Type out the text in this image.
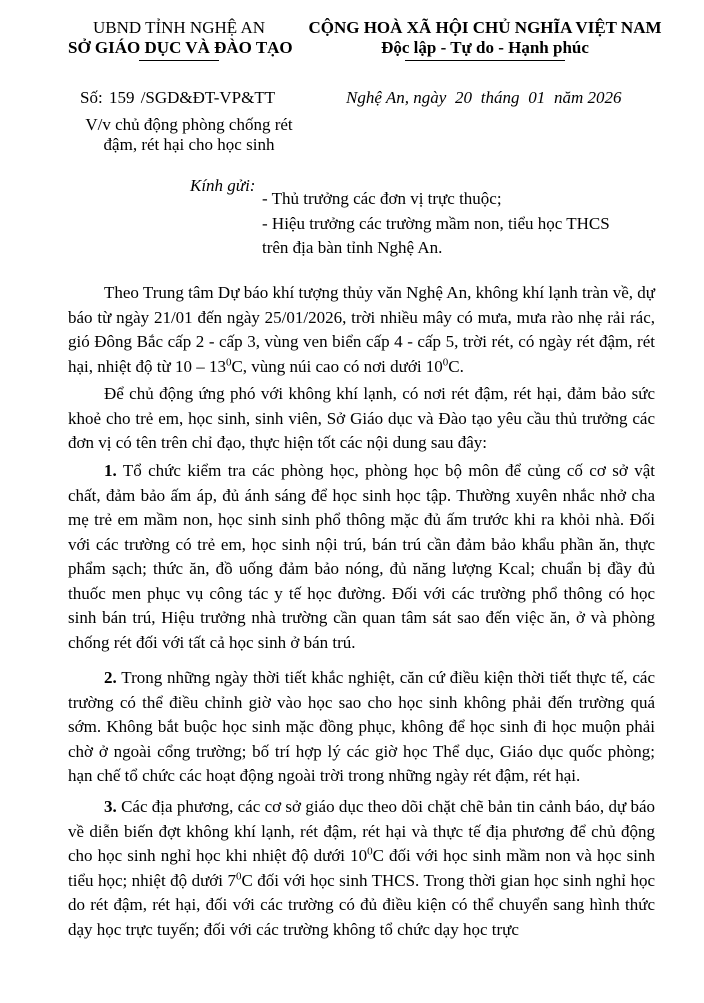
UBND TỈNH NGHỆ AN
SỞ GIÁO DỤC VÀ ĐÀO TẠO
CỘNG HOÀ XÃ HỘI CHỦ NGHĨA VIỆT NAM
Độc lập - Tự do - Hạnh phúc
Số: 159 /SGD&ĐT-VP&TT	Nghệ An, ngày 20 tháng 01 năm 2026
V/v chủ động phòng chống rét
đậm, rét hại cho học sinh
Kính gửi:
- Thủ trưởng các đơn vị trực thuộc;
- Hiệu trưởng các trường mầm non, tiểu học THCS
trên địa bàn tỉnh Nghệ An.
Theo Trung tâm Dự báo khí tượng thủy văn Nghệ An, không khí lạnh tràn về, dự báo từ ngày 21/01 đến ngày 25/01/2026, trời nhiều mây có mưa, mưa rào nhẹ rải rác, gió Đông Bắc cấp 2 - cấp 3, vùng ven biển cấp 4 - cấp 5, trời rét, có ngày rét đậm, rét hại, nhiệt độ từ $10 - 13^0C$, vùng núi cao có nơi dưới $10^0C$.
Để chủ động ứng phó với không khí lạnh, có nơi rét đậm, rét hại, đảm bảo sức khoẻ cho trẻ em, học sinh, sinh viên, Sở Giáo dục và Đào tạo yêu cầu thủ trưởng các đơn vị có tên trên chỉ đạo, thực hiện tốt các nội dung sau đây:
1. Tổ chức kiểm tra các phòng học, phòng học bộ môn để củng cố cơ sở vật chất, đảm bảo ấm áp, đủ ánh sáng để học sinh học tập. Thường xuyên nhắc nhở cha mẹ trẻ em mầm non, học sinh sinh phổ thông mặc đủ ấm trước khi ra khỏi nhà. Đối với các trường có trẻ em, học sinh nội trú, bán trú cần đảm bảo khẩu phần ăn, thực phẩm sạch; thức ăn, đồ uống đảm bảo nóng, đủ năng lượng Kcal; chuẩn bị đầy đủ thuốc men phục vụ công tác y tế học đường. Đối với các trường phổ thông có học sinh bán trú, Hiệu trưởng nhà trường cần quan tâm sát sao đến việc ăn, ở và phòng chống rét đối với tất cả học sinh ở bán trú.
2. Trong những ngày thời tiết khắc nghiệt, căn cứ điều kiện thời tiết thực tế, các trường có thể điều chỉnh giờ vào học sao cho học sinh không phải đến trường quá sớm. Không bắt buộc học sinh mặc đồng phục, không để học sinh đi học muộn phải chờ ở ngoài cổng trường; bố trí hợp lý các giờ học Thể dục, Giáo dục quốc phòng; hạn chế tổ chức các hoạt động ngoài trời trong những ngày rét đậm, rét hại.
3. Các địa phương, các cơ sở giáo dục theo dõi chặt chẽ bản tin cảnh báo, dự báo về diễn biến đợt không khí lạnh, rét đậm, rét hại và thực tế địa phương để chủ động cho học sinh nghỉ học khi nhiệt độ dưới $10^0C$ đối với học sinh mầm non và học sinh tiểu học; nhiệt độ dưới $7^0C$ đối với học sinh THCS. Trong thời gian học sinh nghỉ học do rét đậm, rét hại, đối với các trường có đủ điều kiện có thể chuyển sang hình thức dạy học trực tuyến; đối với các trường không tổ chức dạy học trực
